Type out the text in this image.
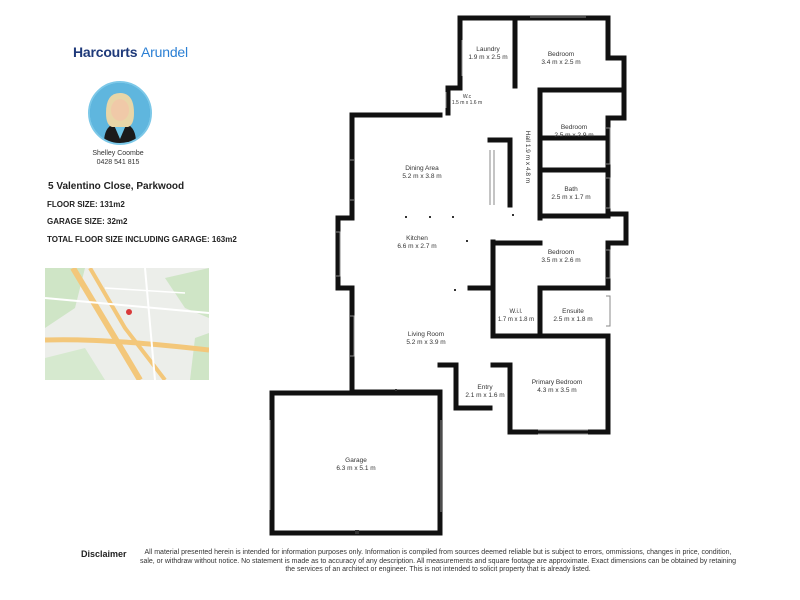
Harcourts Arundel
Shelley Coombe
0428 541 815
5 Valentino Close, Parkwood
FLOOR SIZE: 131m2
GARAGE SIZE: 32m2
TOTAL FLOOR SIZE INCLUDING GARAGE: 163m2
Laundry
1.9 m x 2.5 m	Bedroom
3.4 m x 2.5 m
W.c
1.5 m x 1.6 m
Bedroom
2.5 m x 2.9 m
Hall 1.9 m x 4.8 m
Dining Area
5.2 m x 3.8 m
Bath
2.5 m x 1.7 m
Kitchen
6.6 m x 2.7 m
Bedroom
3.5 m x 2.6 m
W.i.l.
1.7 m x 1.8 m
Ensuite
2.5 m x 1.8 m
Living Room
5.2 m x 3.9 m
Primary Bedroom
4.3 m x 3.5 m
Entry
2.1 m x 1.6 m
Garage
6.3 m x 5.1 m
Disclaimer	All material presented herein is intended for information purposes only. Information is compiled from sources deemed reliable but is subject to errors, ommissions, changes in price, condition, sale, or withdraw without notice. No statement is made as to accuracy of any description. All measurements and square footage are approximate. Exact dimensions can be obtained by retaining the services of an architect or engineer. This is not intended to solicit property that is already listed.
